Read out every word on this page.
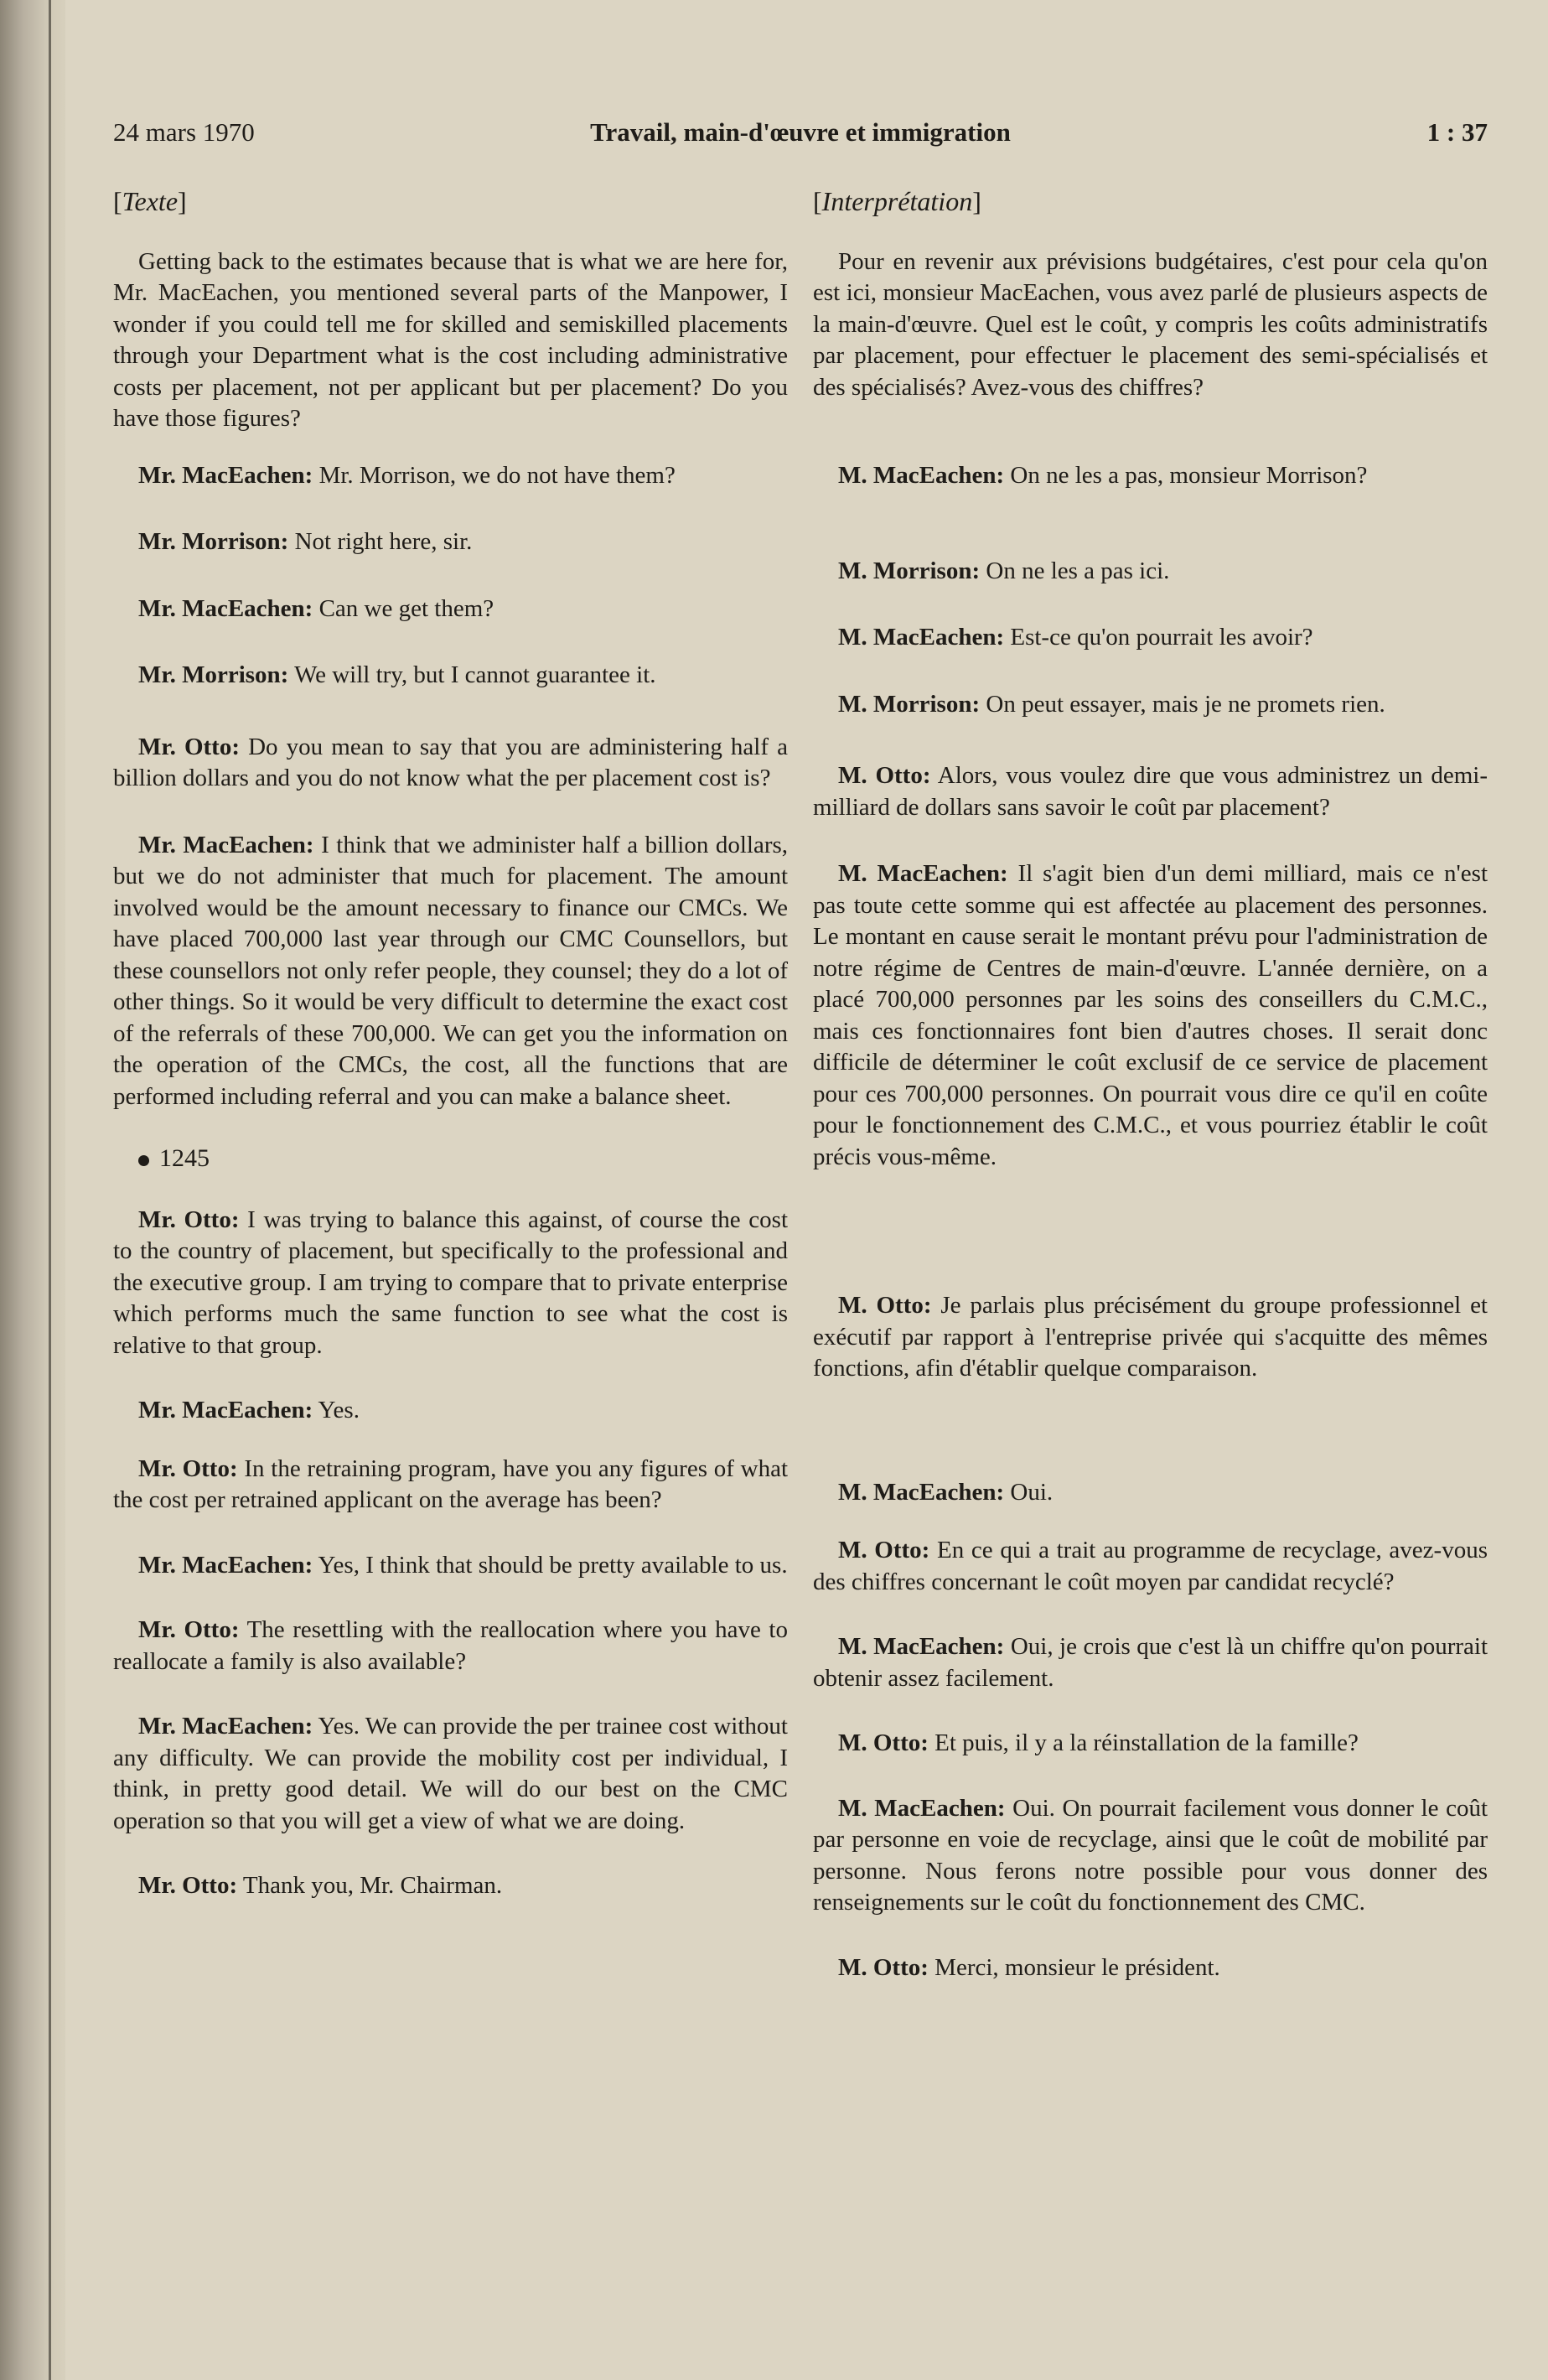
24 mars 1970	Travail, main-d'œuvre et immigration	1 : 37
[Texte]

Getting back to the estimates because that is what we are here for, Mr. MacEachen, you mentioned several parts of the Manpower, I wonder if you could tell me for skilled and semiskilled placements through your Department what is the cost including administrative costs per placement, not per applicant but per placement? Do you have those figures?

Mr. MacEachen: Mr. Morrison, we do not have them?

Mr. Morrison: Not right here, sir.

Mr. MacEachen: Can we get them?

Mr. Morrison: We will try, but I cannot guarantee it.

Mr. Otto: Do you mean to say that you are administering half a billion dollars and you do not know what the per placement cost is?

Mr. MacEachen: I think that we administer half a billion dollars, but we do not administer that much for placement. The amount involved would be the amount necessary to finance our CMCs. We have placed 700,000 last year through our CMC Counsellors, but these counsellors not only refer people, they counsel; they do a lot of other things. So it would be very difficult to determine the exact cost of the referrals of these 700,000. We can get you the information on the operation of the CMCs, the cost, all the functions that are performed including referral and you can make a balance sheet.

1245

Mr. Otto: I was trying to balance this against, of course the cost to the country of placement, but specifically to the professional and the executive group. I am trying to compare that to private enterprise which performs much the same function to see what the cost is relative to that group.

Mr. MacEachen: Yes.

Mr. Otto: In the retraining program, have you any figures of what the cost per retrained applicant on the average has been?

Mr. MacEachen: Yes, I think that should be pretty available to us.

Mr. Otto: The resettling with the reallocation where you have to reallocate a family is also available?

Mr. MacEachen: Yes. We can provide the per trainee cost without any difficulty. We can provide the mobility cost per individual, I think, in pretty good detail. We will do our best on the CMC operation so that you will get a view of what we are doing.

Mr. Otto: Thank you, Mr. Chairman.

[Interprétation]

Pour en revenir aux prévisions budgétaires, c'est pour cela qu'on est ici, monsieur MacEachen, vous avez parlé de plusieurs aspects de la main-d'œuvre. Quel est le coût, y compris les coûts administratifs par placement, pour effectuer le placement des semi-spécialisés et des spécialisés? Avez-vous des chiffres?

M. MacEachen: On ne les a pas, monsieur Morrison?

M. Morrison: On ne les a pas ici.

M. MacEachen: Est-ce qu'on pourrait les avoir?

M. Morrison: On peut essayer, mais je ne promets rien.

M. Otto: Alors, vous voulez dire que vous administrez un demi-milliard de dollars sans savoir le coût par placement?

M. MacEachen: Il s'agit bien d'un demi milliard, mais ce n'est pas toute cette somme qui est affectée au placement des personnes. Le montant en cause serait le montant prévu pour l'administration de notre régime de Centres de main-d'œuvre. L'année dernière, on a placé 700,000 personnes par les soins des conseillers du C.M.C., mais ces fonctionnaires font bien d'autres choses. Il serait donc difficile de déterminer le coût exclusif de ce service de placement pour ces 700,000 personnes. On pourrait vous dire ce qu'il en coûte pour le fonctionnement des C.M.C., et vous pourriez établir le coût précis vous-même.

M. Otto: Je parlais plus précisément du groupe professionnel et exécutif par rapport à l'entreprise privée qui s'acquitte des mêmes fonctions, afin d'établir quelque comparaison.

M. MacEachen: Oui.

M. Otto: En ce qui a trait au programme de recyclage, avez-vous des chiffres concernant le coût moyen par candidat recyclé?

M. MacEachen: Oui, je crois que c'est là un chiffre qu'on pourrait obtenir assez facilement.

M. Otto: Et puis, il y a la réinstallation de la famille?

M. MacEachen: Oui. On pourrait facilement vous donner le coût par personne en voie de recyclage, ainsi que le coût de mobilité par personne. Nous ferons notre possible pour vous donner des renseignements sur le coût du fonctionnement des CMC.

M. Otto: Merci, monsieur le président.
